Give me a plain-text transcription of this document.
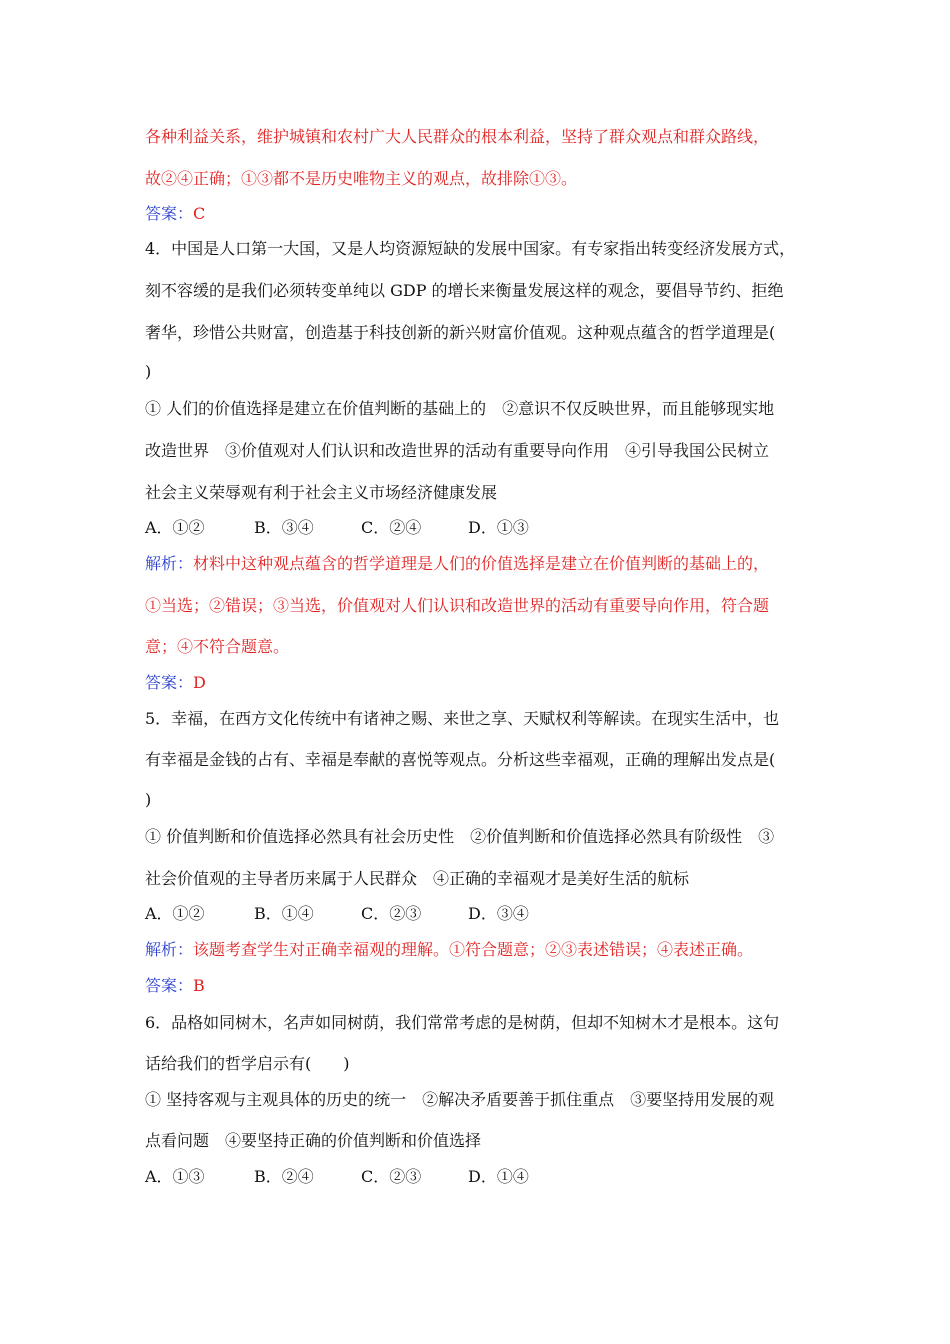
各种利益关系，维护城镇和农村广大人民群众的根本利益，坚持了群众观点和群众路线，
故②④正确；①③都不是历史唯物主义的观点，故排除①③。
答案：C
4．中国是人口第一大国，又是人均资源短缺的发展中国家。有专家指出转变经济发展方式，
刻不容缓的是我们必须转变单纯以 GDP 的增长来衡量发展这样的观念，要倡导节约、拒绝
奢华，珍惜公共财富，创造基于科技创新的新兴财富价值观。这种观点蕴含的哲学道理是(
)
① 人们的价值选择是建立在价值判断的基础上的　②意识不仅反映世界，而且能够现实地
改造世界　③价值观对人们认识和改造世界的活动有重要导向作用　④引导我国公民树立
社会主义荣辱观有利于社会主义市场经济健康发展
A．①②	B．③④	C．②④	D．①③
解析：材料中这种观点蕴含的哲学道理是人们的价值选择是建立在价值判断的基础上的，
①当选；②错误；③当选，价值观对人们认识和改造世界的活动有重要导向作用，符合题
意；④不符合题意。
答案：D
5．幸福，在西方文化传统中有诸神之赐、来世之享、天赋权利等解读。在现实生活中，也
有幸福是金钱的占有、幸福是奉献的喜悦等观点。分析这些幸福观，正确的理解出发点是(
)
① 价值判断和价值选择必然具有社会历史性　②价值判断和价值选择必然具有阶级性　③
社会价值观的主导者历来属于人民群众　④正确的幸福观才是美好生活的航标
A．①②	B．①④	C．②③	D．③④
解析：该题考查学生对正确幸福观的理解。①符合题意；②③表述错误；④表述正确。
答案：B
6．品格如同树木，名声如同树荫，我们常常考虑的是树荫，但却不知树木才是根本。这句
话给我们的哲学启示有(　　)
① 坚持客观与主观具体的历史的统一　②解决矛盾要善于抓住重点　③要坚持用发展的观
点看问题　④要坚持正确的价值判断和价值选择
A．①③	B．②④	C．②③	D．①④
